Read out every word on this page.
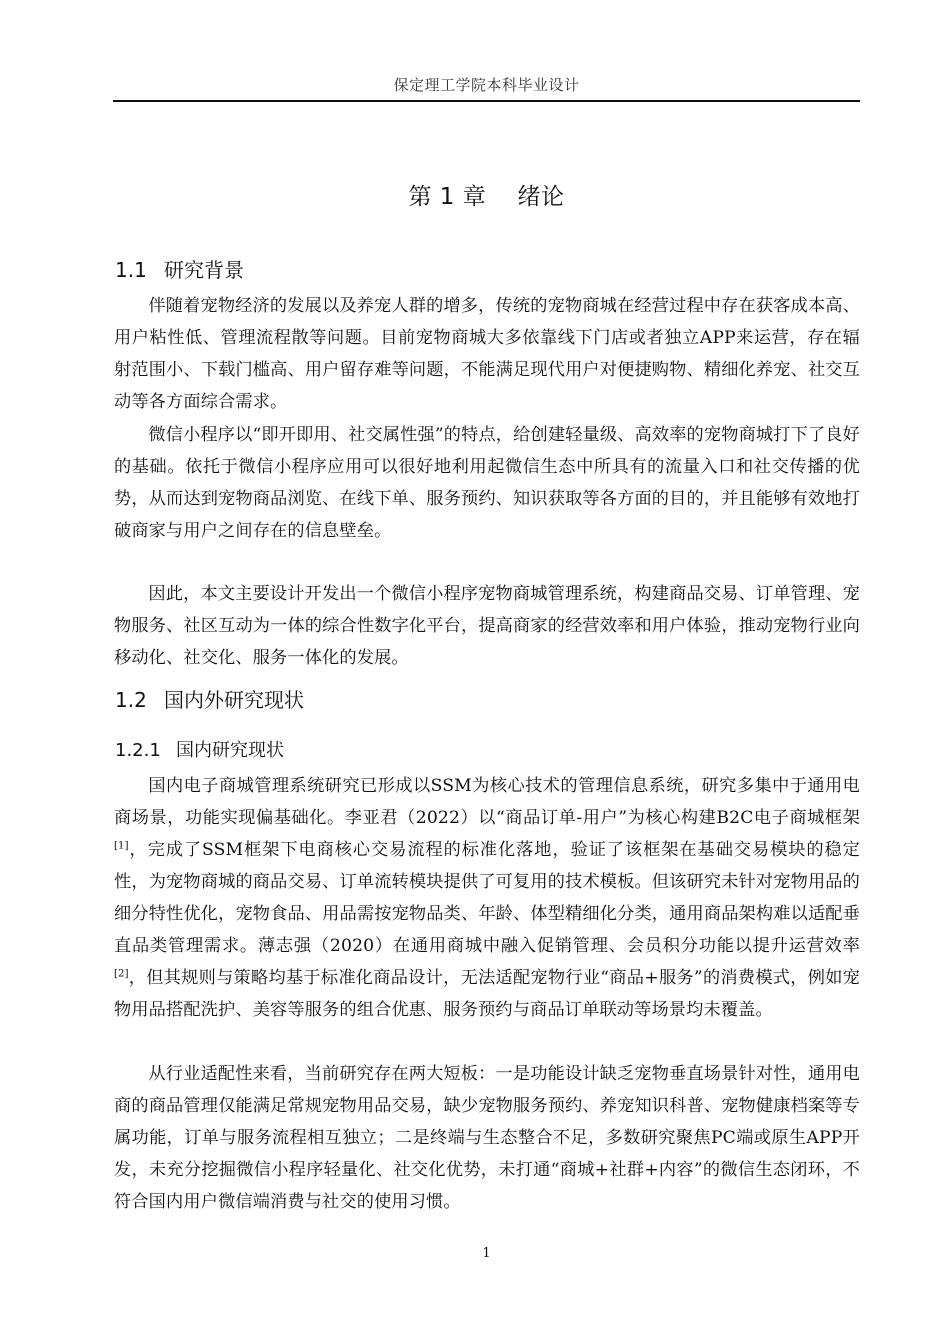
保定理工学院本科毕业设计
第 1 章    绪论
1.1 研究背景

伴随着宠物经济的发展以及养宠人群的增多，传统的宠物商城在经营过程中存在获客成本高、用户粘性低、管理流程散等问题。目前宠物商城大多依靠线下门店或者独立APP来运营，存在辐射范围小、下载门槛高、用户留存难等问题，不能满足现代用户对便捷购物、精细化养宠、社交互动等各方面综合需求。

微信小程序以“即开即用、社交属性强”的特点，给创建轻量级、高效率的宠物商城打下了良好的基础。依托于微信小程序应用可以很好地利用起微信生态中所具有的流量入口和社交传播的优势，从而达到宠物商品浏览、在线下单、服务预约、知识获取等各方面的目的，并且能够有效地打破商家与用户之间存在的信息壁垒。

因此，本文主要设计开发出一个微信小程序宠物商城管理系统，构建商品交易、订单管理、宠物服务、社区互动为一体的综合性数字化平台，提高商家的经营效率和用户体验，推动宠物行业向移动化、社交化、服务一体化的发展。

1.2 国内外研究现状
1.2.1 国内研究现状

国内电子商城管理系统研究已形成以SSM为核心技术的管理信息系统，研究多集中于通用电商场景，功能实现偏基础化。李亚君（2022）以“商品订单-用户”为核心构建B2C电子商城框架[1]，完成了SSM框架下电商核心交易流程的标准化落地，验证了该框架在基础交易模块的稳定性，为宠物商城的商品交易、订单流转模块提供了可复用的技术模板。但该研究未针对宠物用品的细分特性优化，宠物食品、用品需按宠物品类、年龄、体型精细化分类，通用商品架构难以适配垂直品类管理需求。薄志强（2020）在通用商城中融入促销管理、会员积分功能以提升运营效率[2]，但其规则与策略均基于标准化商品设计，无法适配宠物行业“商品+服务”的消费模式，例如宠物用品搭配洗护、美容等服务的组合优惠、服务预约与商品订单联动等场景均未覆盖。

从行业适配性来看，当前研究存在两大短板：一是功能设计缺乏宠物垂直场景针对性，通用电商的商品管理仅能满足常规宠物用品交易，缺少宠物服务预约、养宠知识科普、宠物健康档案等专属功能，订单与服务流程相互独立；二是终端与生态整合不足，多数研究聚焦PC端或原生APP开发，未充分挖掘微信小程序轻量化、社交化优势，未打通“商城+社群+内容”的微信生态闭环，不符合国内用户微信端消费与社交的使用习惯。

1
